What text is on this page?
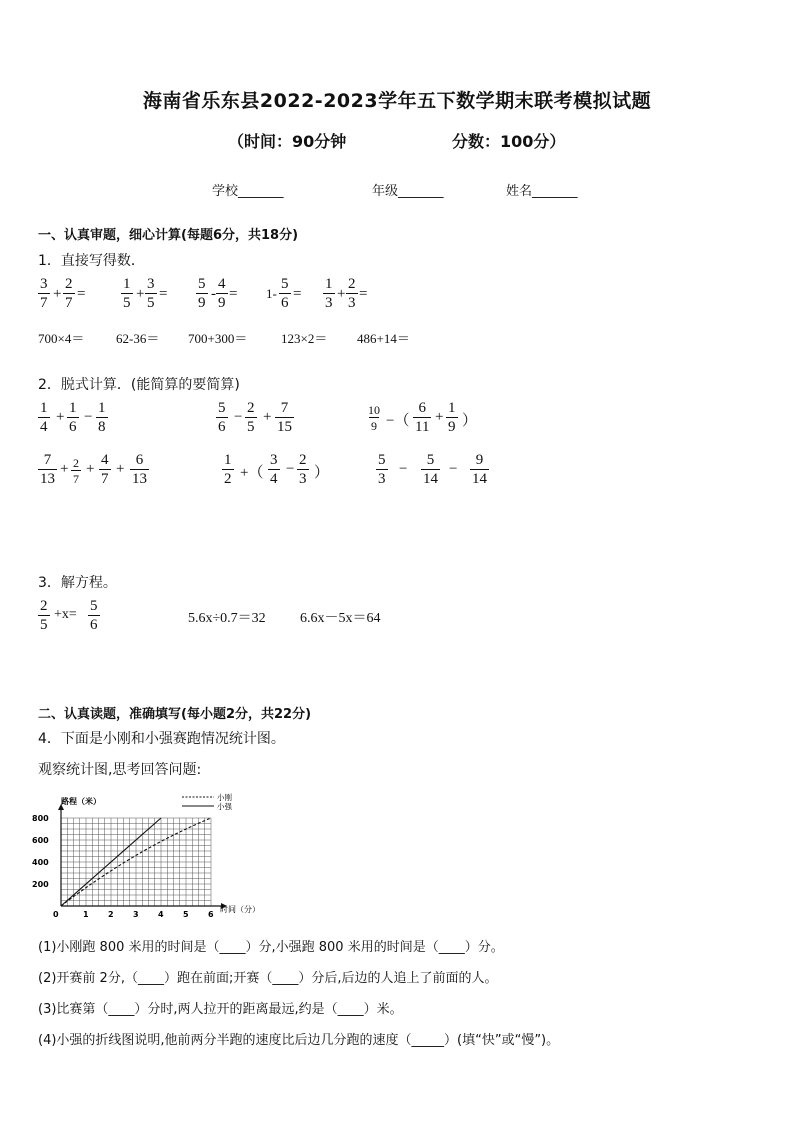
海南省乐东县2022-2023学年五下数学期末联考模拟试题
（时间：90分钟	分数：100分）
学校_______	年级_______	姓名_______
一、认真审题，细心计算(每题6分，共18分)
1．直接写得数．
$\frac{3}{7} + \frac{2}{7} = \frac{1}{5} + \frac{3}{5} = \frac{5}{9} - \frac{4}{9} = 1- \frac{5}{6} = \frac{1}{3} + \frac{2}{3}$ =
700×4＝ 62-36＝ 700+300＝	123×2＝ 486+14＝
2．脱式计算．(能简算的要简算)
$\frac{1}{4} + \frac{1}{6} - \frac{1}{8}$	$\frac{5}{6} - \frac{2}{5} + \frac{7}{15}$	$\frac{10}{9}$ −（ $\frac{6}{11} + \frac{1}{9}$ ）
$\frac{7}{13} + \frac{2}{7} + \frac{4}{7} + \frac{6}{13}$	$\frac{1}{2}$ +（ $\frac{3}{4} - \frac{2}{3}$ ）	$\frac{5}{3} - \frac{5}{14} - \frac{9}{14}$
3．解方程。
$\frac{2}{5} +x= \frac{5}{6}$	5.6x÷0.7＝32 6.6x－5x＝64
二、认真读题，准确填写(每小题2分，共22分)
4．下面是小刚和小强赛跑情况统计图。
观察统计图,思考回答问题:
0	1 2 3 4 5 6
200
400
600
800
小刚
小强
路程（米）
时间（分）
(1)小刚跑 800 米用的时间是（____）分,小强跑 800 米用的时间是（____）分。
(2)开赛前 2分,（____）跑在前面;开赛（____）分后,后边的人追上了前面的人。
(3)比赛第（____）分时,两人拉开的距离最远,约是（____）米。
(4)小强的折线图说明,他前两分半跑的速度比后边几分跑的速度（_____）(填“快”或“慢”)。
